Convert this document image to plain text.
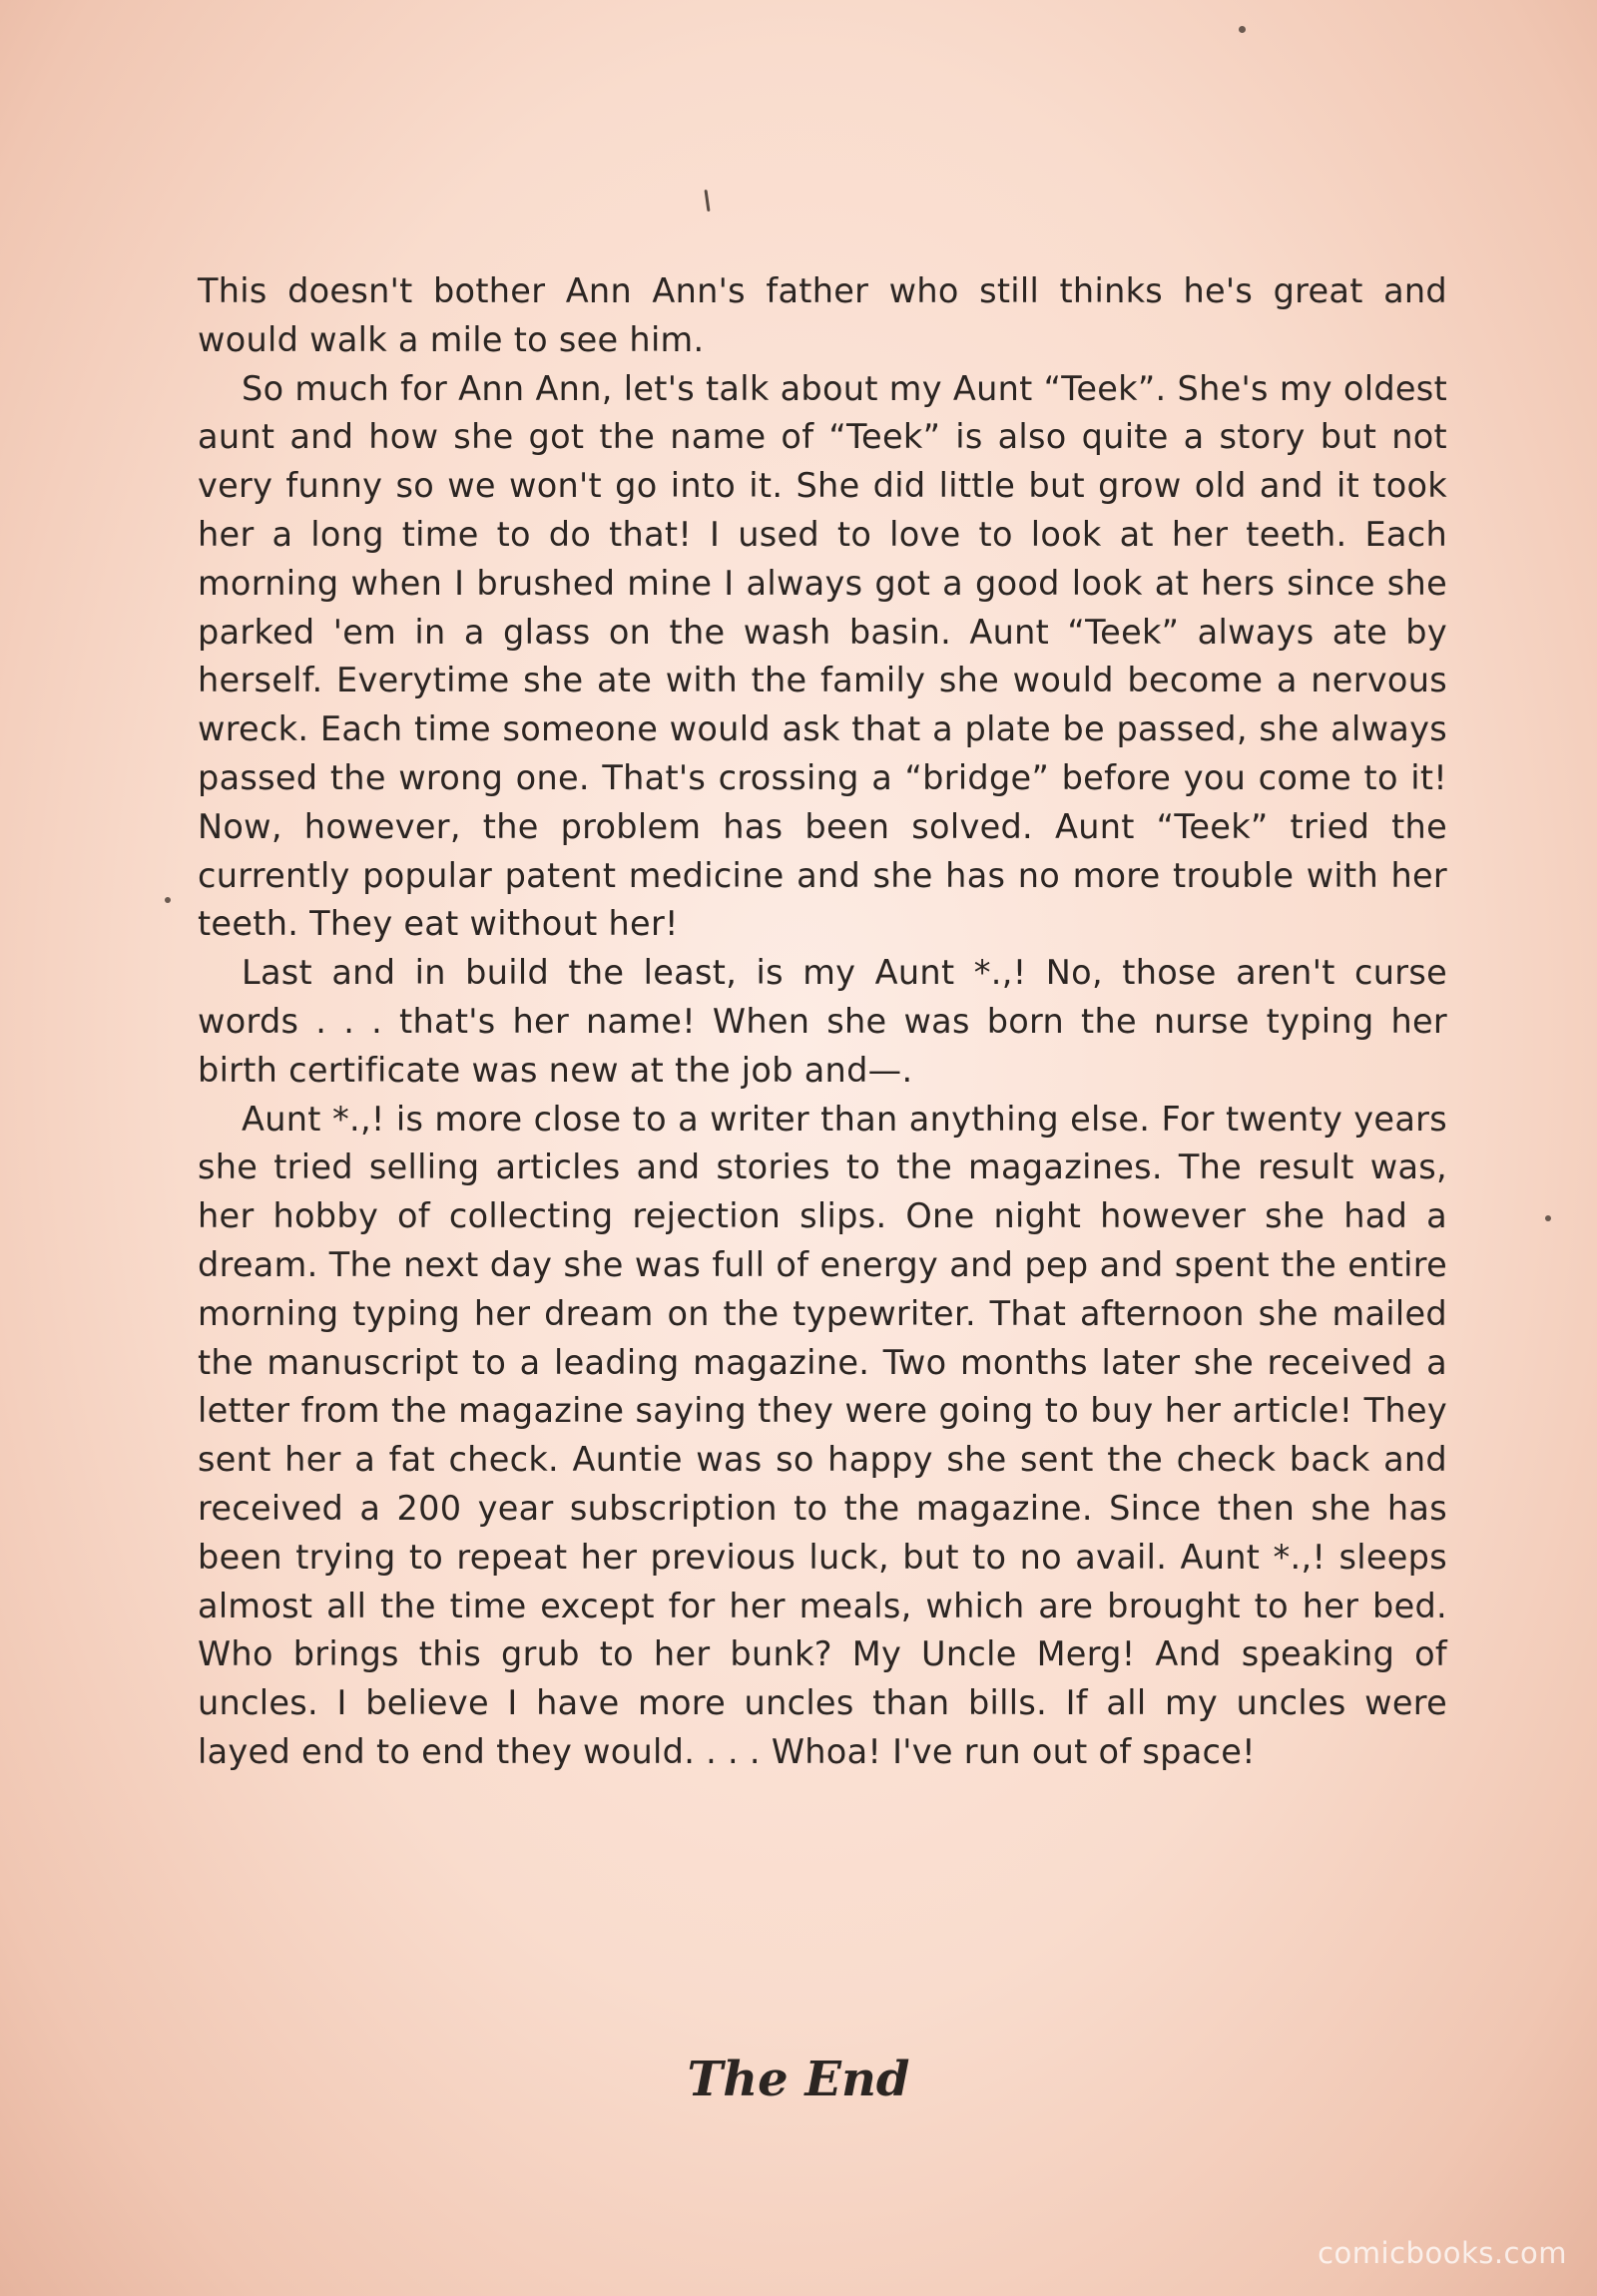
This doesn't bother Ann Ann's father who still thinks he's great and would walk a mile to see him.

So much for Ann Ann, let's talk about my Aunt “Teek”. She's my oldest aunt and how she got the name of “Teek” is also quite a story but not very funny so we won't go into it. She did little but grow old and it took her a long time to do that! I used to love to look at her teeth. Each morning when I brushed mine I always got a good look at hers since she parked 'em in a glass on the wash basin. Aunt “Teek” always ate by herself. Everytime she ate with the family she would become a nervous wreck. Each time someone would ask that a plate be passed, she always passed the wrong one. That's crossing a “bridge” before you come to it! Now, however, the problem has been solved. Aunt “Teek” tried the currently popular patent medicine and she has no more trouble with her teeth. They eat without her!

Last and in build the least, is my Aunt *.,! No, those aren't curse words . . . that's her name! When she was born the nurse typing her birth certificate was new at the job and—.

Aunt *.,! is more close to a writer than anything else. For twenty years she tried selling articles and stories to the magazines. The result was, her hobby of collecting rejection slips. One night however she had a dream. The next day she was full of energy and pep and spent the entire morning typing her dream on the typewriter. That afternoon she mailed the manuscript to a leading magazine. Two months later she received a letter from the magazine saying they were going to buy her article! They sent her a fat check. Auntie was so happy she sent the check back and received a 200 year subscription to the magazine. Since then she has been trying to repeat her previous luck, but to no avail. Aunt *.,! sleeps almost all the time except for her meals, which are brought to her bed. Who brings this grub to her bunk? My Uncle Merg! And speaking of uncles. I believe I have more uncles than bills. If all my uncles were layed end to end they would. . . . Whoa! I've run out of space!

The End
comicbooks.com
